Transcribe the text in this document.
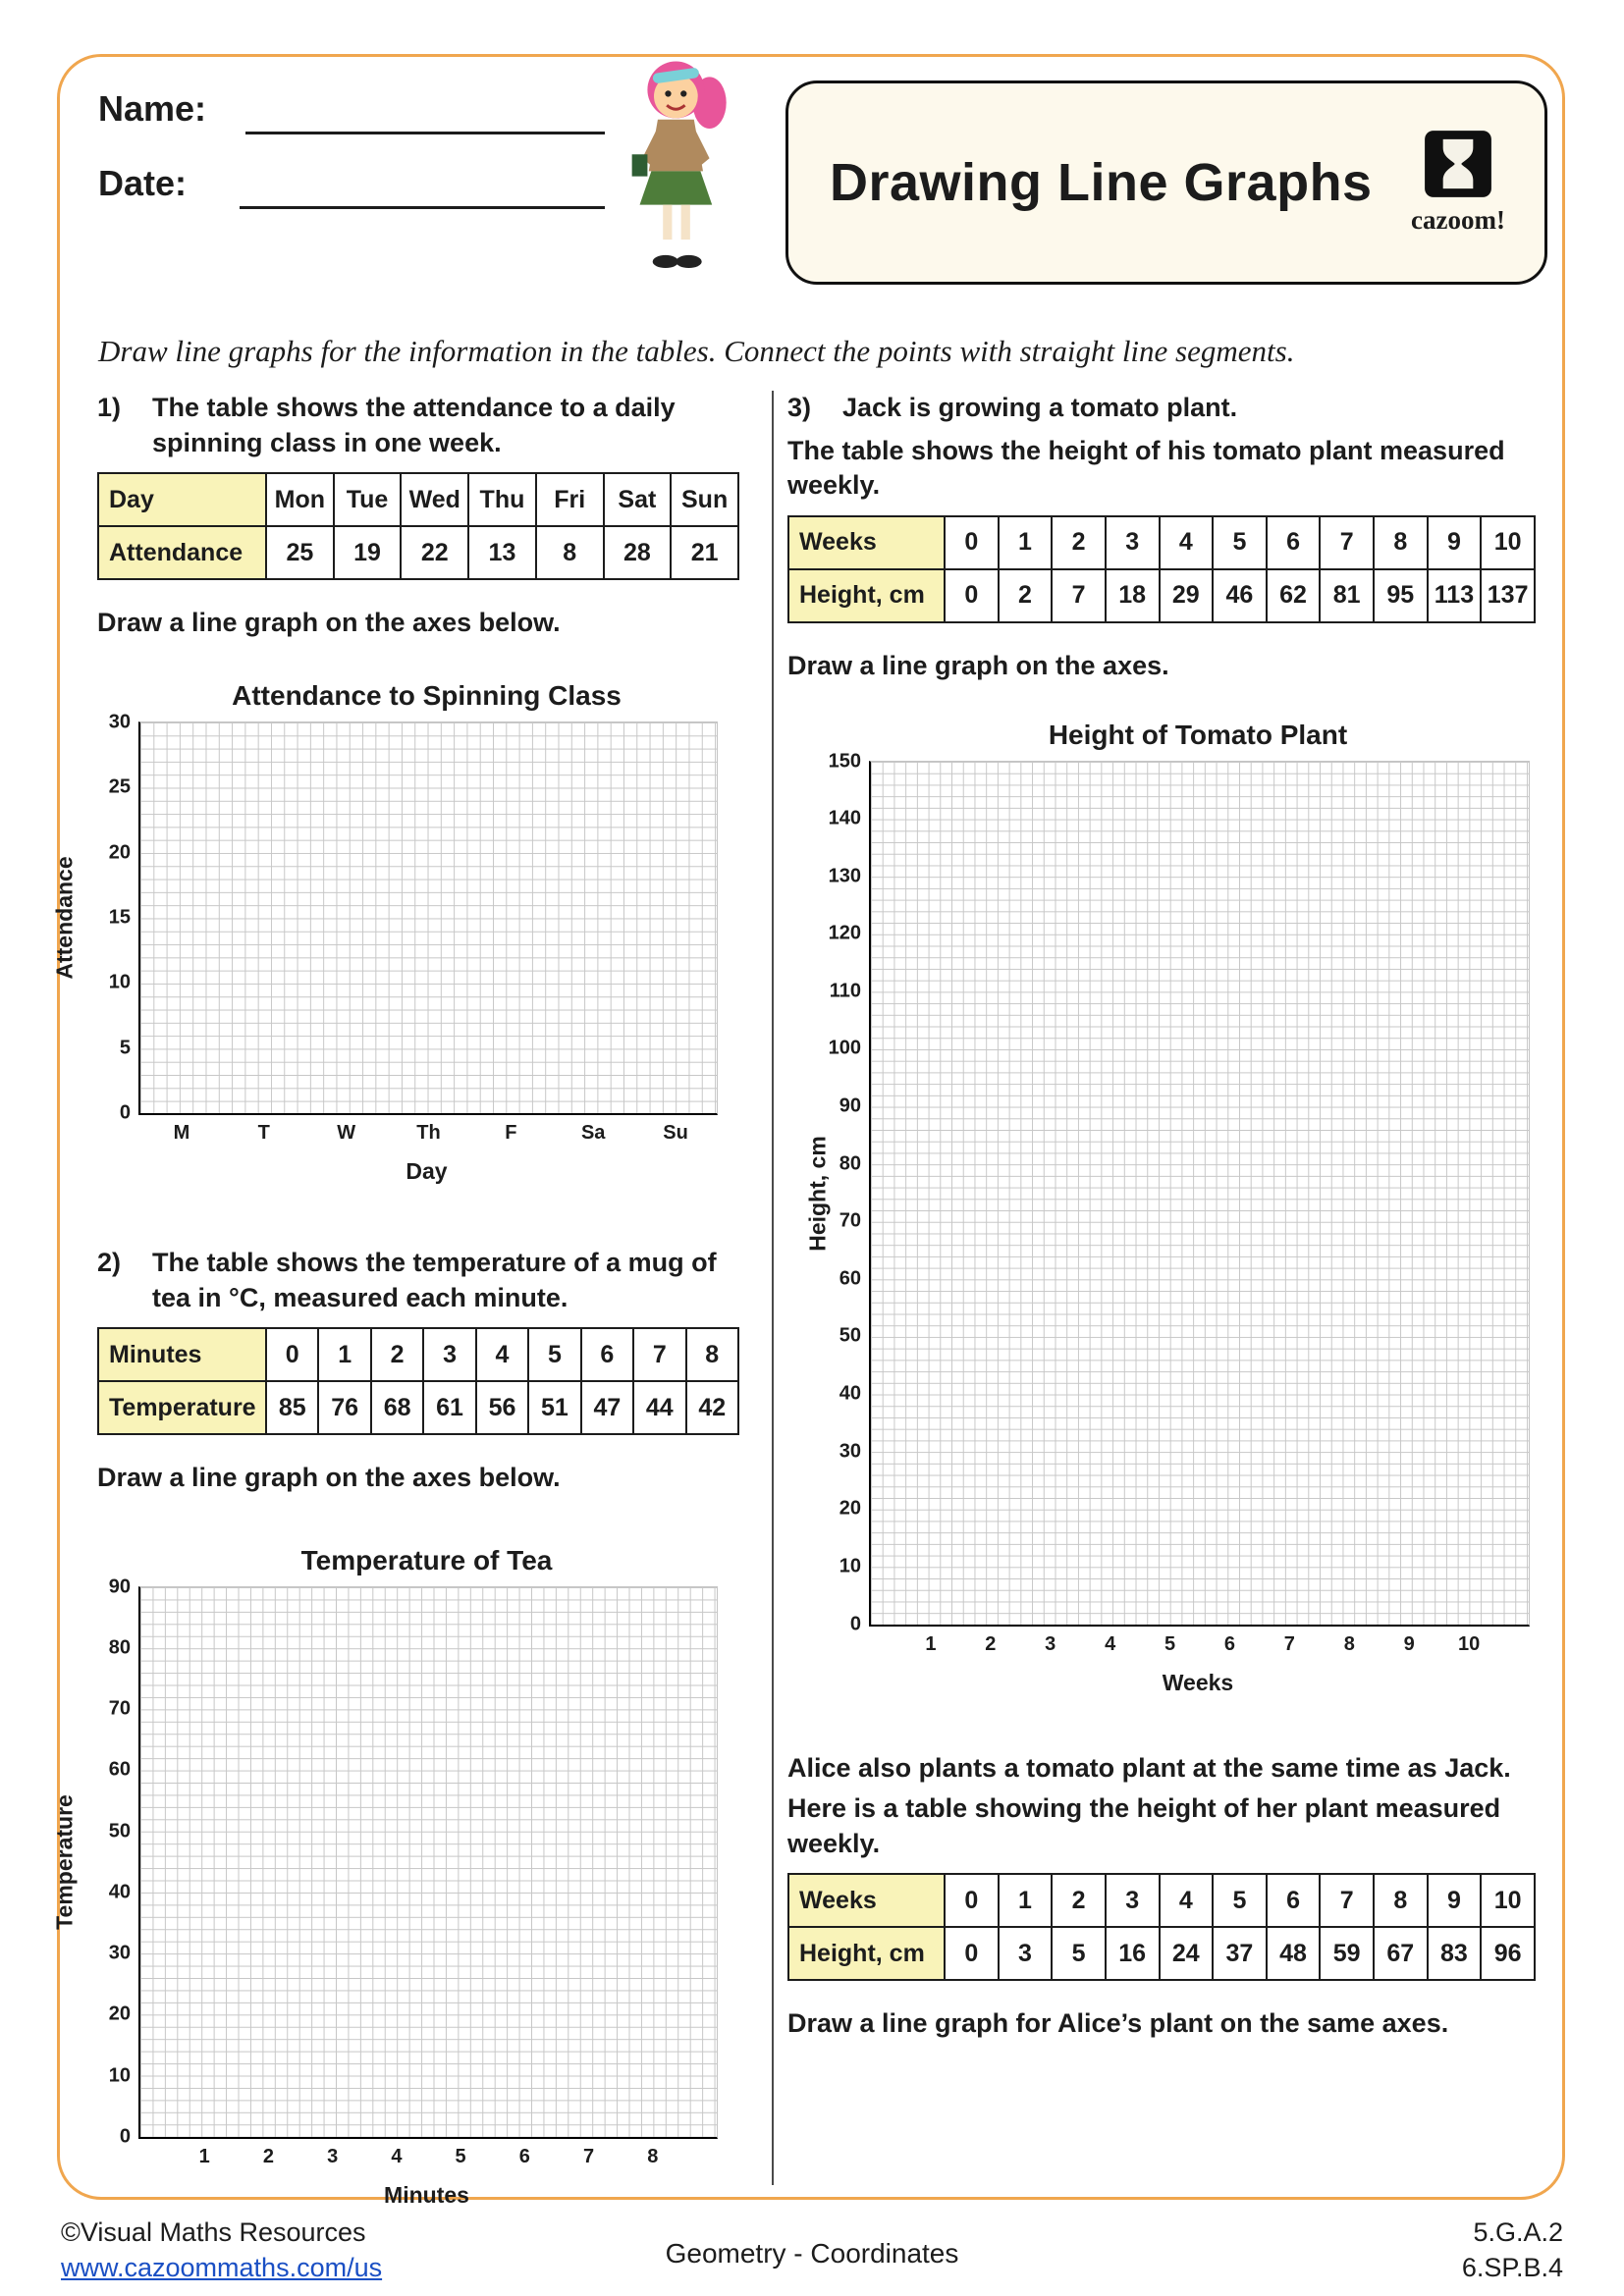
Name:
Date:	Drawing Line Graphs
cazoom!
Draw line graphs for the information in the tables. Connect the points with straight line segments.
1)	The table shows the attendance to a daily spinning class in one week.
Day	Mon	Tue	Wed	Thu	Fri	Sat	Sun
Attendance	25	19	22	13	8	28	21

Draw a line graph on the axes below.

Attendance to Spinning Class
Attendance
30
25
20
15
10
5
0
M	T	W	Th	F	Sa	Su
Day
2)	The table shows the temperature of a mug of tea in °C, measured each minute.
Minutes	0	1	2	3	4	5	6	7	8
Temperature	85	76	68	61	56	51	47	44	42

Draw a line graph on the axes below.

Temperature of Tea
Temperature
90
80
70
60
50
40
30
20
10
0
1	2	3	4	5	6	7	8
Minutes
3)	Jack is growing a tomato plant.

The table shows the height of his tomato plant measured weekly.

Weeks	0	1	2	3	4	5	6	7	8	9	10
Height, cm	0	2	7	18	29	46	62	81	95	113	137

Draw a line graph on the axes.

Height of Tomato Plant
Height, cm
150
140
130
120
110
100
90
80
70
60
50
40
30
20
10
0
1 2 3 4 5 6 7 8 9 10
Weeks

Alice also plants a tomato plant at the same time as Jack.

Here is a table showing the height of her plant measured weekly.

Weeks	0	1	2	3	4	5	6	7	8	9	10
Height, cm	0	3	5	16	24	37	48	59	67	83	96

Draw a line graph for Alice’s plant on the same axes.

©Visual Maths Resources
www.cazoommaths.com/us	Geometry - Coordinates
5.G.A.2
6.SP.B.4
